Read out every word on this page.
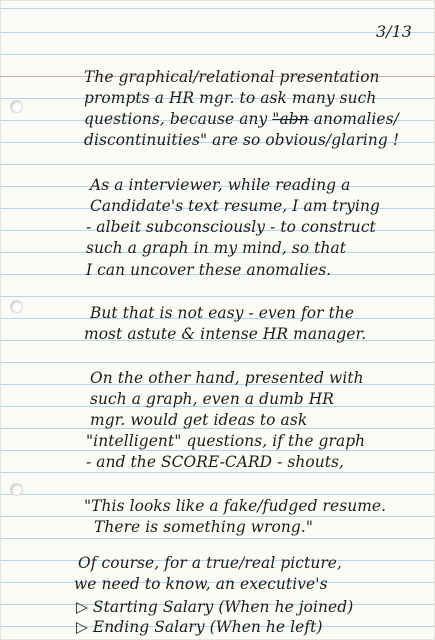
3/13
The graphical/relational presentation
prompts a HR mgr. to ask many such
questions, because any "abn anomalies/
discontinuities" are so obvious/glaring !
As a interviewer, while reading a
Candidate's text resume, I am trying
- albeit subconsciously - to construct
such a graph in my mind, so that
I can uncover these anomalies.
But that is not easy - even for the
most astute & intense HR manager.
On the other hand, presented with
such a graph, even a dumb HR
mgr. would get ideas to ask
"intelligent" questions, if the graph
- and the SCORE-CARD - shouts,
"This looks like a fake/fudged resume.
There is something wrong."
Of course, for a true/real picture,
we need to know, an executive's
▷ Starting Salary (When he joined)
▷ Ending Salary (When he left)
